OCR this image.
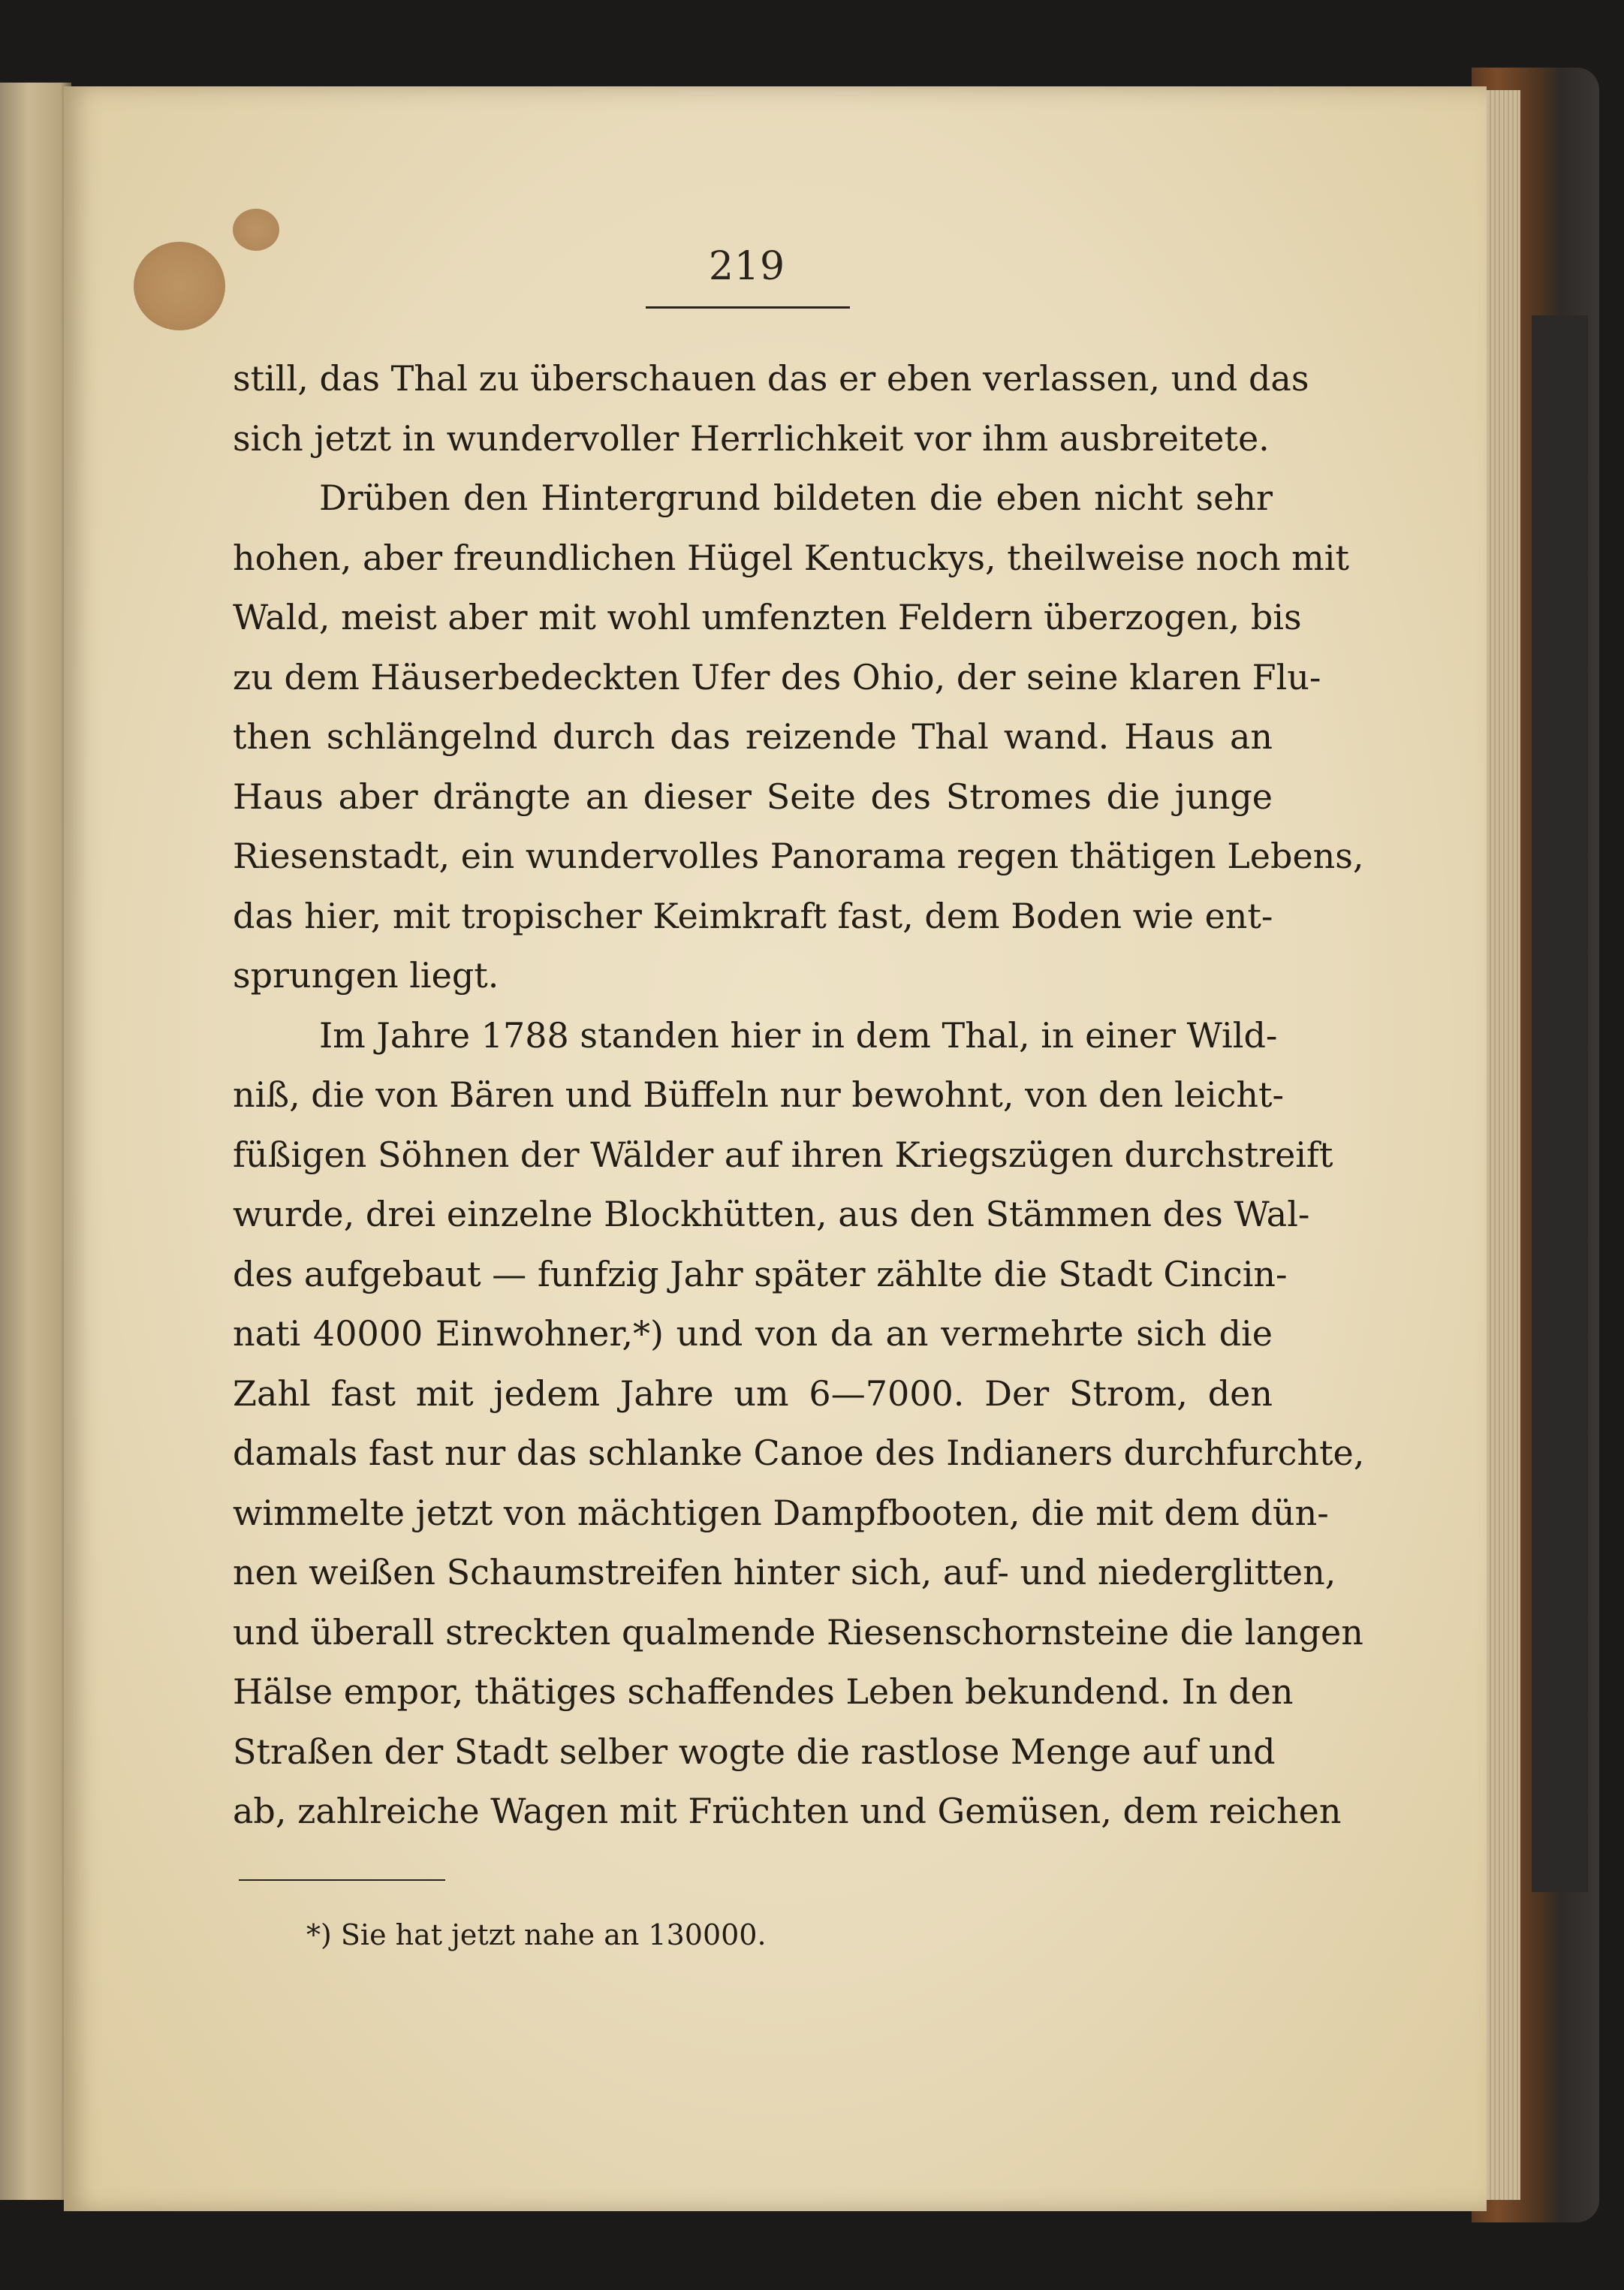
219
still, das Thal zu überschauen das er eben verlassen, und das
sich jetzt in wundervoller Herrlichkeit vor ihm ausbreitete.
Drüben den Hintergrund bildeten die eben nicht sehr
hohen, aber freundlichen Hügel Kentuckys, theilweise noch mit
Wald, meist aber mit wohl umfenzten Feldern überzogen, bis
zu dem Häuserbedeckten Ufer des Ohio, der seine klaren Flu-
then schlängelnd durch das reizende Thal wand. Haus an
Haus aber drängte an dieser Seite des Stromes die junge
Riesenstadt, ein wundervolles Panorama regen thätigen Lebens,
das hier, mit tropischer Keimkraft fast, dem Boden wie ent-
sprungen liegt.
Im Jahre 1788 standen hier in dem Thal, in einer Wild-
niß, die von Bären und Büffeln nur bewohnt, von den leicht-
füßigen Söhnen der Wälder auf ihren Kriegszügen durchstreift
wurde, drei einzelne Blockhütten, aus den Stämmen des Wal-
des aufgebaut — funfzig Jahr später zählte die Stadt Cincin-
nati 40000 Einwohner,*) und von da an vermehrte sich die
Zahl fast mit jedem Jahre um 6—7000. Der Strom, den
damals fast nur das schlanke Canoe des Indianers durchfurchte,
wimmelte jetzt von mächtigen Dampfbooten, die mit dem dün-
nen weißen Schaumstreifen hinter sich, auf- und niederglitten,
und überall streckten qualmende Riesenschornsteine die langen
Hälse empor, thätiges schaffendes Leben bekundend. In den
Straßen der Stadt selber wogte die rastlose Menge auf und
ab, zahlreiche Wagen mit Früchten und Gemüsen, dem reichen
*) Sie hat jetzt nahe an 130000.
